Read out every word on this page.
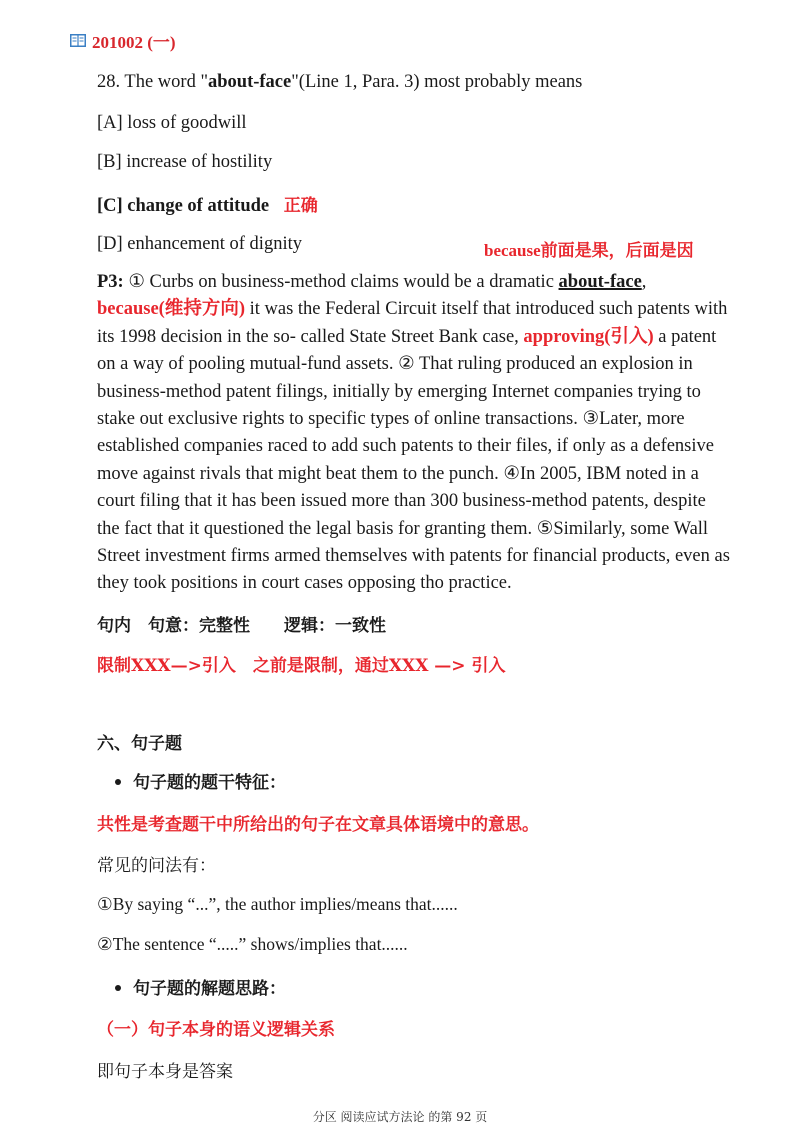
201002 (一)
28. The word "about-face"(Line 1, Para. 3) most probably means
[A] loss of goodwill
[B] increase of hostility
[C] change of attitude 正确
[D] enhancement of dignity	because前面是果，后面是因
P3: ① Curbs on business-method claims would be a dramatic about-face,
because(维持方向) it was the Federal Circuit itself that introduced such patents with
its 1998 decision in the so- called State Street Bank case, approving(引入) a patent
on a way of pooling mutual-fund assets. ② That ruling produced an explosion in
business-method patent filings, initially by emerging Internet companies trying to
stake out exclusive rights to specific types of online transactions. ③Later, more
established companies raced to add such patents to their files, if only as a defensive
move against rivals that might beat them to the punch. ④In 2005, IBM noted in a
court filing that it has been issued more than 300 business-method patents, despite
the fact that it questioned the legal basis for granting them. ⑤Similarly, some Wall
Street investment firms armed themselves with patents for financial products, even as
they took positions in court cases opposing tho practice.
句内　句意：完整性　　逻辑：一致性
限制XXX—>引入　之前是限制，通过XXX —> 引入
六、句子题
句子题的题干特征：
共性是考查题干中所给出的句子在文章具体语境中的意思。
常见的问法有：
①By saying “...”, the author implies/means that......
②The sentence “.....” shows/implies that......
句子题的解题思路：
（一）句子本身的语义逻辑关系
即句子本身是答案
分区 阅读应试方法论 的第 92 页
